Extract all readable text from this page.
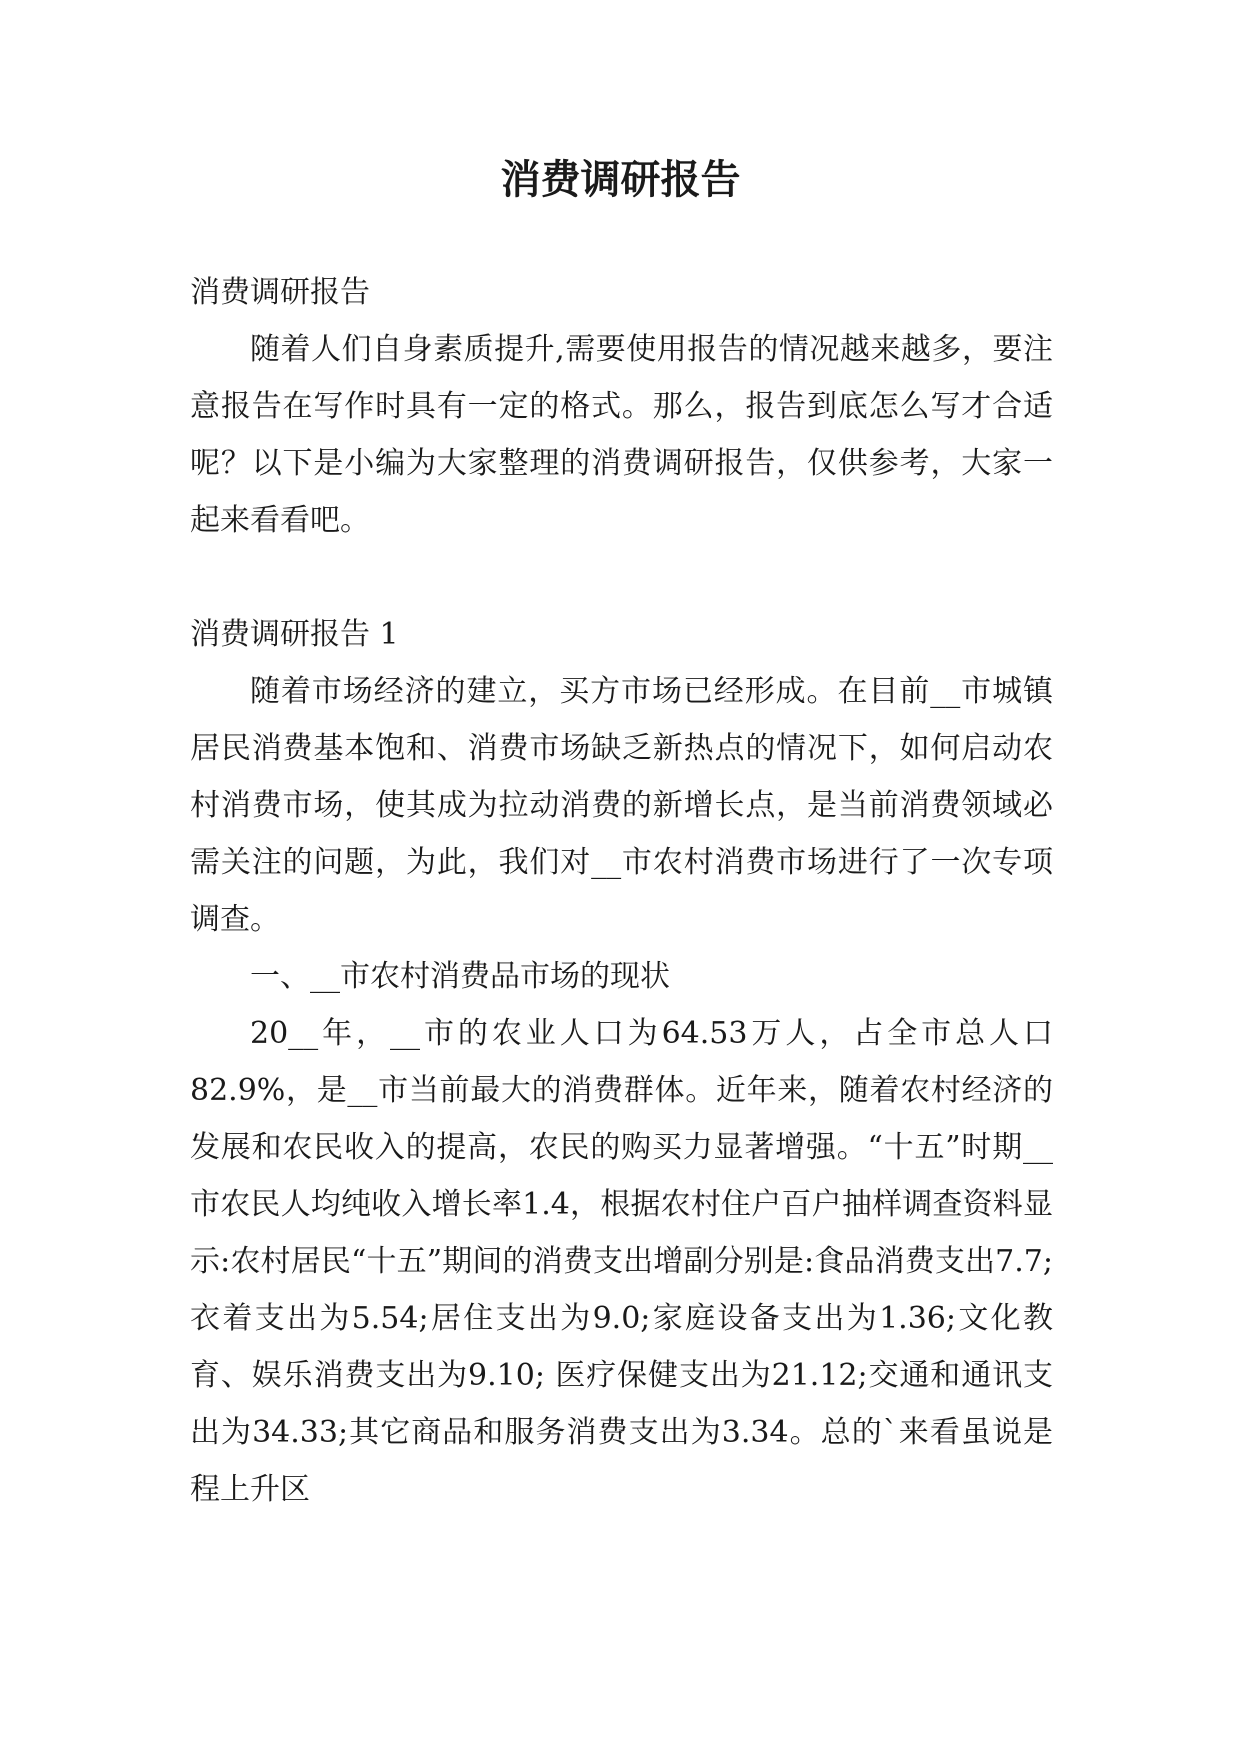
消费调研报告

消费调研报告

随着人们自身素质提升,需要使用报告的情况越来越多，要注意报告在写作时具有一定的格式。那么，报告到底怎么写才合适呢？以下是小编为大家整理的消费调研报告，仅供参考，大家一起来看看吧。

消费调研报告 1

随着市场经济的建立，买方市场已经形成。在目前__市城镇居民消费基本饱和、消费市场缺乏新热点的情况下，如何启动农村消费市场，使其成为拉动消费的新增长点，是当前消费领域必需关注的问题，为此，我们对__市农村消费市场进行了一次专项调查。

一、__市农村消费品市场的现状

20__年，__市的农业人口为64.53万人，占全市总人口82.9%，是__市当前最大的消费群体。近年来，随着农村经济的发展和农民收入的提高，农民的购买力显著增强。“十五”时期__市农民人均纯收入增长率1.4，根据农村住户百户抽样调查资料显示:农村居民“十五”期间的消费支出增副分别是:食品消费支出7.7;衣着支出为5.54;居住支出为9.0;家庭设备支出为1.36;文化教育、娱乐消费支出为9.10; 医疗保健支出为21.12;交通和通讯支出为34.33;其它商品和服务消费支出为3.34。总的`来看虽说是程上升区
